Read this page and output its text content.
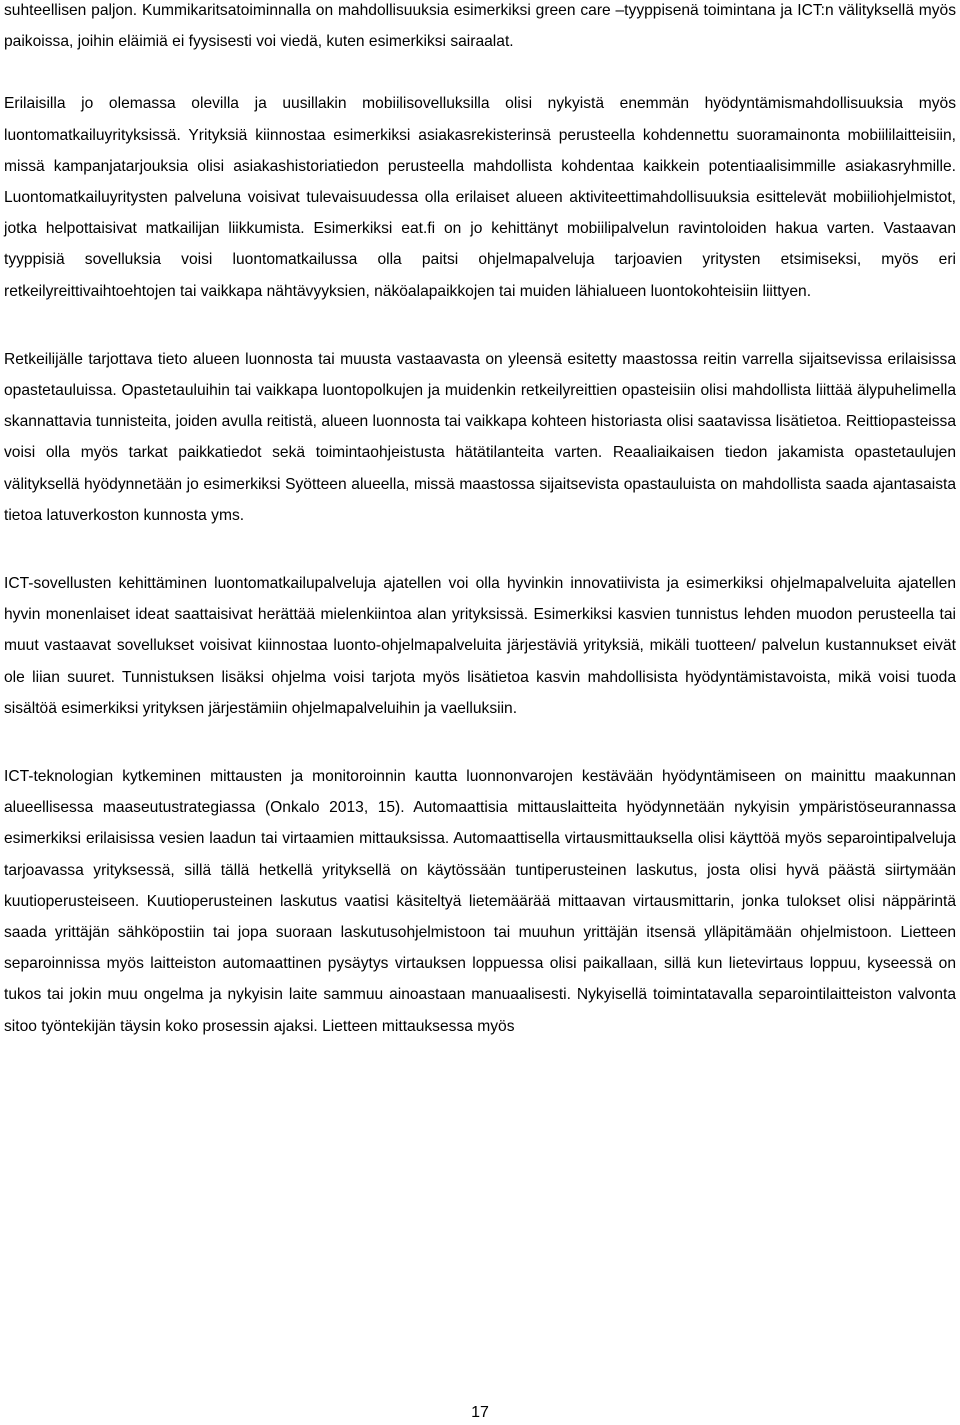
suhteellisen paljon. Kummikaritsatoiminnalla on mahdollisuuksia esimerkiksi green care –tyyppisenä toimintana ja ICT:n välityksellä myös paikoissa, joihin eläimiä ei fyysisesti voi viedä, kuten esimerkiksi sairaalat.

Erilaisilla jo olemassa olevilla ja uusillakin mobiilisovelluksilla olisi nykyistä enemmän hyödyntämismahdollisuuksia myös luontomatkailuyrityksissä. Yrityksiä kiinnostaa esimerkiksi asiakasrekisterinsä perusteella kohdennettu suoramainonta mobiililaitteisiin, missä kampanjatarjouksia olisi asiakashistoriatiedon perusteella mahdollista kohdentaa kaikkein potentiaalisimmille asiakasryhmille. Luontomatkailuyritysten palveluna voisivat tulevaisuudessa olla erilaiset alueen aktiviteettimahdollisuuksia esittelevät mobiiliohjelmistot, jotka helpottaisivat matkailijan liikkumista. Esimerkiksi eat.fi on jo kehittänyt mobiilipalvelun ravintoloiden hakua varten. Vastaavan tyyppisiä sovelluksia voisi luontomatkailussa olla paitsi ohjelmapalveluja tarjoavien yritysten etsimiseksi, myös eri retkeilyreittivaihtoehtojen tai vaikkapa nähtävyyksien, näköalapaikkojen tai muiden lähialueen luontokohteisiin liittyen.

Retkeilijälle tarjottava tieto alueen luonnosta tai muusta vastaavasta on yleensä esitetty maastossa reitin varrella sijaitsevissa erilaisissa opastetauluissa. Opastetauluihin tai vaikkapa luontopolkujen ja muidenkin retkeilyreittien opasteisiin olisi mahdollista liittää älypuhelimella skannattavia tunnisteita, joiden avulla reitistä, alueen luonnosta tai vaikkapa kohteen historiasta olisi saatavissa lisätietoa. Reittiopasteissa voisi olla myös tarkat paikkatiedot sekä toimintaohjeistusta hätätilanteita varten. Reaaliaikaisen tiedon jakamista opastetaulujen välityksellä hyödynnetään jo esimerkiksi Syötteen alueella, missä maastossa sijaitsevista opastauluista on mahdollista saada ajantasaista tietoa latuverkoston kunnosta yms.

ICT-sovellusten kehittäminen luontomatkailupalveluja ajatellen voi olla hyvinkin innovatiivista ja esimerkiksi ohjelmapalveluita ajatellen hyvin monenlaiset ideat saattaisivat herättää mielenkiintoa alan yrityksissä. Esimerkiksi kasvien tunnistus lehden muodon perusteella tai muut vastaavat sovellukset voisivat kiinnostaa luonto-ohjelmapalveluita järjestäviä yrityksiä, mikäli tuotteen/ palvelun kustannukset eivät ole liian suuret. Tunnistuksen lisäksi ohjelma voisi tarjota myös lisätietoa kasvin mahdollisista hyödyntämistavoista, mikä voisi tuoda sisältöä esimerkiksi yrityksen järjestämiin ohjelmapalveluihin ja vaelluksiin.

ICT-teknologian kytkeminen mittausten ja monitoroinnin kautta luonnonvarojen kestävään hyödyntämiseen on mainittu maakunnan alueellisessa maaseutustrategiassa (Onkalo 2013, 15). Automaattisia mittauslaitteita hyödynnetään nykyisin ympäristöseurannassa esimerkiksi erilaisissa vesien laadun tai virtaamien mittauksissa. Automaattisella virtausmittauksella olisi käyttöä myös separointipalveluja tarjoavassa yrityksessä, sillä tällä hetkellä yrityksellä on käytössään tuntiperusteinen laskutus, josta olisi hyvä päästä siirtymään kuutioperusteiseen. Kuutioperusteinen laskutus vaatisi käsiteltyä lietemäärää mittaavan virtausmittarin, jonka tulokset olisi näppärintä saada yrittäjän sähköpostiin tai jopa suoraan laskutusohjelmistoon tai muuhun yrittäjän itsensä ylläpitämään ohjelmistoon. Lietteen separoinnissa myös laitteiston automaattinen pysäytys virtauksen loppuessa olisi paikallaan, sillä kun lietevirtaus loppuu, kyseessä on tukos tai jokin muu ongelma ja nykyisin laite sammuu ainoastaan manuaalisesti. Nykyisellä toimintatavalla separointilaitteiston valvonta sitoo työntekijän täysin koko prosessin ajaksi. Lietteen mittauksessa myös

17
